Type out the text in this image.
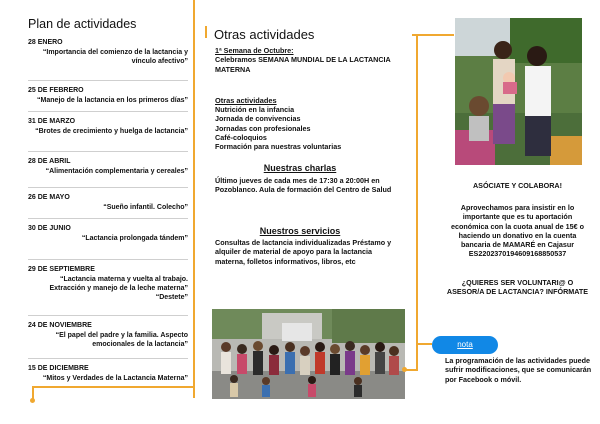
Plan de actividades
28 ENERO
“Importancia del comienzo de la lactancia y vínculo afectivo”
25 DE FEBRERO
“Manejo de la lactancia en los primeros días”
31 DE MARZO
“Brotes de crecimiento y huelga de lactancia”
28 DE ABRIL
“Alimentación complementaria y cereales”
26 DE MAYO
“Sueño infantil. Colecho”
30 DE JUNIO
“Lactancia prolongada tándem”
29 DE SEPTIEMBRE
“Lactancia materna y vuelta al trabajo. Extracción y manejo de la leche materna” “Destete”
24 DE NOVIEMBRE
“El papel del padre y la familia. Aspecto emocionales de la lactancia”
15 DE DICIEMBRE
“Mitos y Verdades de la Lactancia Materna”
Otras actividades
1ª Semana de Octubre:
Celebramos SEMANA MUNDIAL DE LA LACTANCIA MATERNA
Otras actividades
Nutrición en la infancia
Jornada de convivencias
Jornadas con profesionales
Café-coloquios
Formación para nuestras voluntarias
Nuestras charlas
Último jueves de cada mes de 17:30 a 20:00H en Pozoblanco. Aula de formación del Centro de Salud
Nuestros servicios
Consultas de lactancia individualizadas Préstamo y alquiler de material de apoyo para la lactancia materna, folletos informativos, libros, etc
ASÓCIATE Y COLABORA!
Aprovechamos para insistir en lo importante que es tu aportación económica con la cuota anual de 15€ o haciendo un donativo en la cuenta bancaria de MAMARÉ en Cajasur ES2202370194609168850537
¿QUIERES SER VOLUNTARI@ O ASESOR/A DE LACTANCIA? INFÓRMATE
nota
La programación de las actividades puede sufrir modificaciones, que se comunicarán por Facebook o móvil.
